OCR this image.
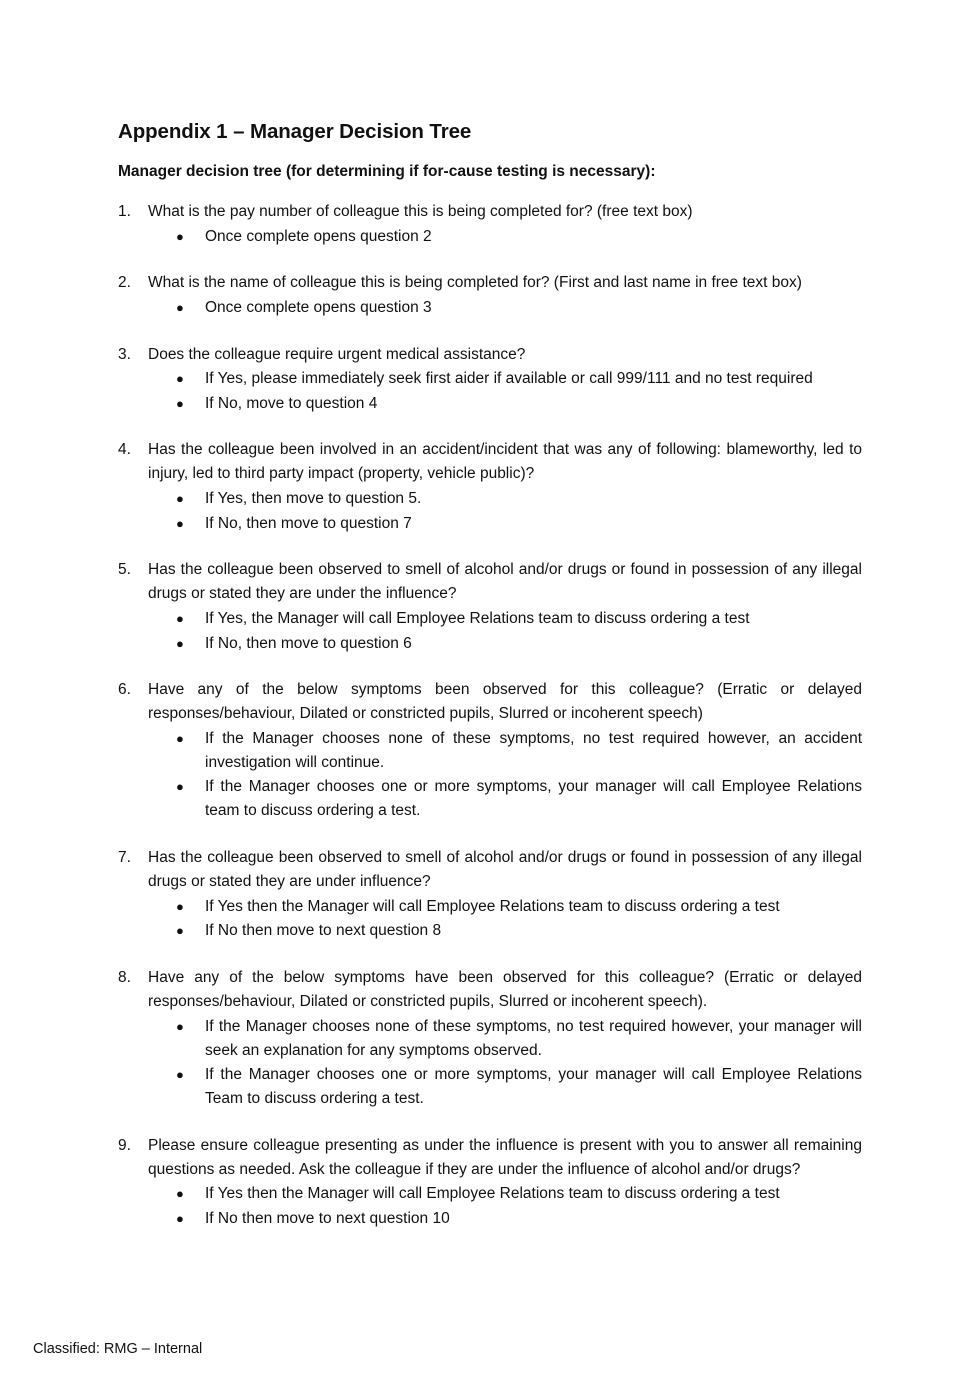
Appendix 1 – Manager Decision Tree

Manager decision tree (for determining if for-cause testing is necessary):

1.	What is the pay number of colleague this is being completed for? (free text box)
●	Once complete opens question 2
2.	What is the name of colleague this is being completed for? (First and last name in free text box)
●	Once complete opens question 3
3.	Does the colleague require urgent medical assistance?
●	If Yes, please immediately seek first aider if available or call 999/111 and no test required
●	If No, move to question 4
4.	Has the colleague been involved in an accident/incident that was any of following: blameworthy, led to injury, led to third party impact (property, vehicle public)?
●	If Yes, then move to question 5.
●	If No, then move to question 7
5.	Has the colleague been observed to smell of alcohol and/or drugs or found in possession of any illegal drugs or stated they are under the influence?
●	If Yes, the Manager will call Employee Relations team to discuss ordering a test
●	If No, then move to question 6
6.	Have any of the below symptoms been observed for this colleague? (Erratic or delayed responses/behaviour, Dilated or constricted pupils, Slurred or incoherent speech)
●	If the Manager chooses none of these symptoms, no test required however, an accident investigation will continue.
●	If the Manager chooses one or more symptoms, your manager will call Employee Relations team to discuss ordering a test.
7.	Has the colleague been observed to smell of alcohol and/or drugs or found in possession of any illegal drugs or stated they are under influence?
●	If Yes then the Manager will call Employee Relations team to discuss ordering a test
●	If No then move to next question 8
8.	Have any of the below symptoms have been observed for this colleague? (Erratic or delayed responses/behaviour, Dilated or constricted pupils, Slurred or incoherent speech).
●	If the Manager chooses none of these symptoms, no test required however, your manager will seek an explanation for any symptoms observed.
●	If the Manager chooses one or more symptoms, your manager will call Employee Relations Team to discuss ordering a test.
9.	Please ensure colleague presenting as under the influence is present with you to answer all remaining questions as needed. Ask the colleague if they are under the influence of alcohol and/or drugs?
●	If Yes then the Manager will call Employee Relations team to discuss ordering a test
●	If No then move to next question 10
Classified: RMG – Internal
